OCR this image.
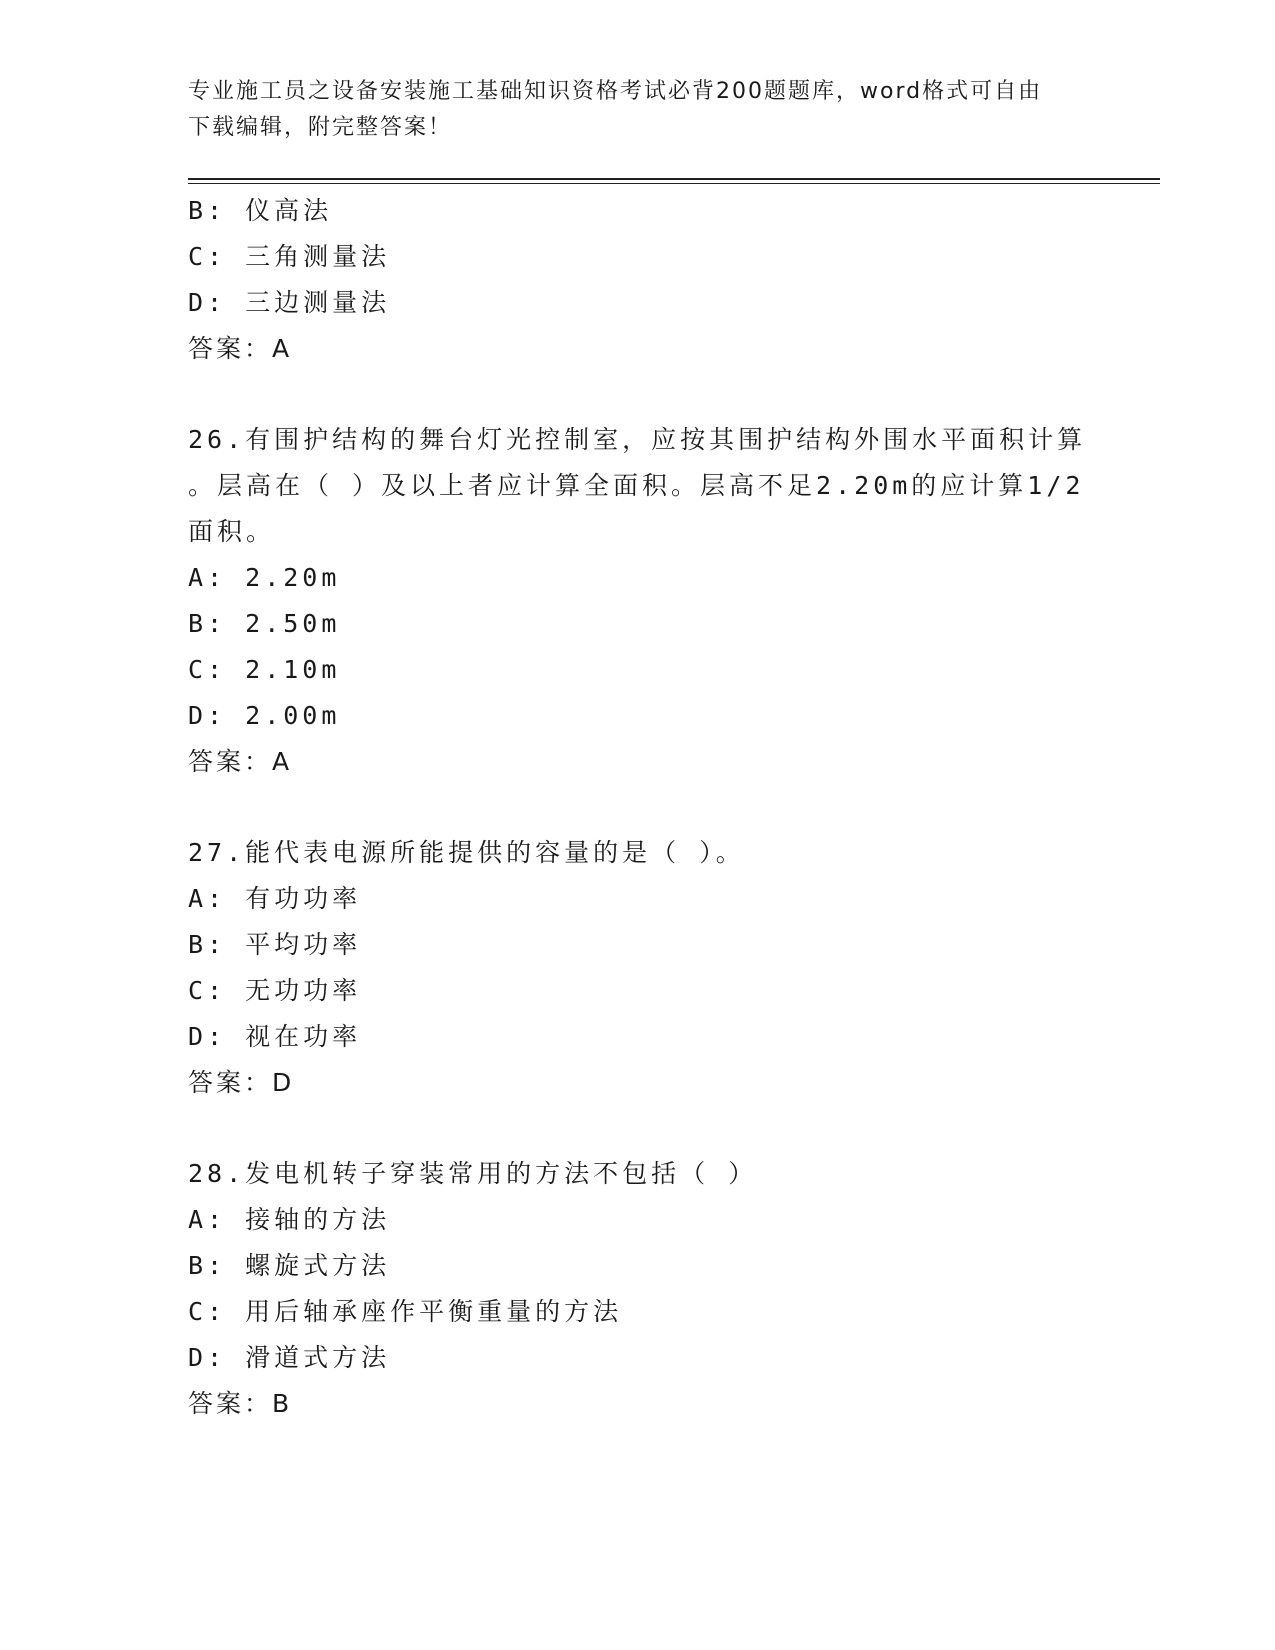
专业施工员之设备安装施工基础知识资格考试必背200题题库，word格式可自由
下载编辑，附完整答案！
B: 仪高法
C: 三角测量法
D: 三边测量法
答案：A
26.有围护结构的舞台灯光控制室，应按其围护结构外围水平面积计算
。层高在（ ）及以上者应计算全面积。层高不足2.20m的应计算1/2
面积。
A: 2.20m
B: 2.50m
C: 2.10m
D: 2.00m
答案：A
27.能代表电源所能提供的容量的是（ ）。
A: 有功功率
B: 平均功率
C: 无功功率
D: 视在功率
答案：D
28.发电机转子穿装常用的方法不包括（ ）
A: 接轴的方法
B: 螺旋式方法
C: 用后轴承座作平衡重量的方法
D: 滑道式方法
答案：B
